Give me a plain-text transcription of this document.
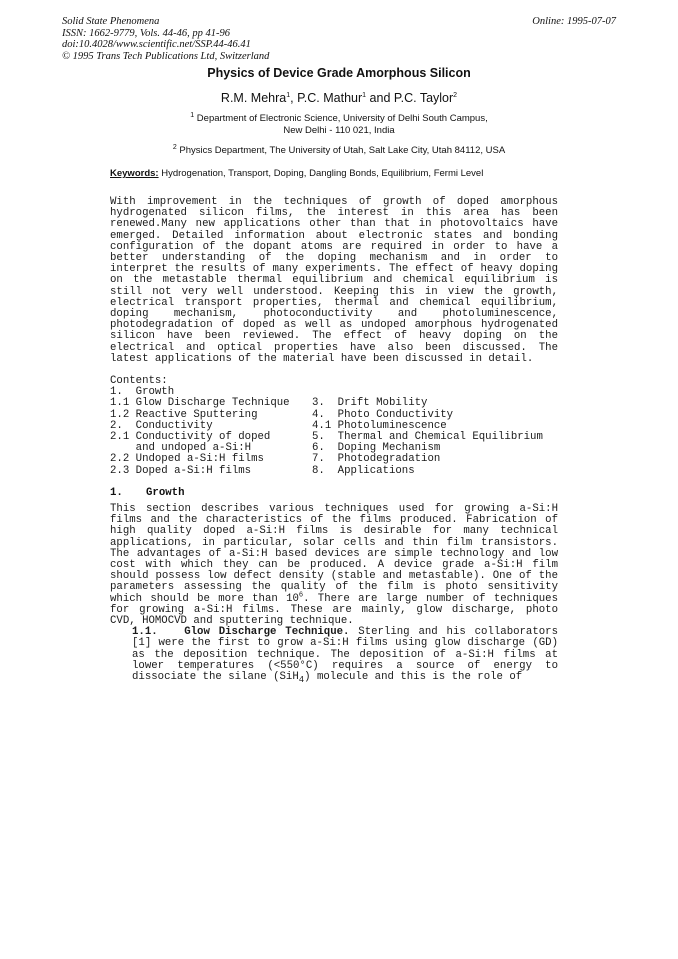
Solid State Phenomena
ISSN: 1662-9779, Vols. 44-46, pp 41-96
doi:10.4028/www.scientific.net/SSP.44-46.41
© 1995 Trans Tech Publications Ltd, Switzerland
Online: 1995-07-07
Physics of Device Grade Amorphous Silicon
R.M. Mehra$^1$, P.C. Mathur$^1$ and P.C. Taylor$^2$
$^1$ Department of Electronic Science, University of Delhi South Campus,
New Delhi - 110 021, India
$^2$ Physics Department, The University of Utah, Salt Lake City, Utah 84112, USA
Keywords: Hydrogenation, Transport, Doping, Dangling Bonds, Equilibrium, Fermi Level
With improvement in the techniques of growth of doped amorphous hydrogenated silicon films, the interest in this area has been renewed.Many new applications other than that in photovoltaics have emerged. Detailed information about electronic states and bonding configuration of the dopant atoms are required in order to have a better understanding of the doping mechanism and in order to interpret the results of many experiments. The effect of heavy doping on the metastable thermal equilibrium and chemical equilibrium is still not very well understood. Keeping this in view the growth, electrical transport properties, thermal and chemical equilibrium, doping mechanism, photoconductivity and photoluminescence, photodegradation of doped as well as undoped amorphous hydrogenated silicon have been reviewed. The effect of heavy doping on the electrical and optical properties have also been discussed. The latest applications of the material have been discussed in detail.
Contents:
1.  Growth
1.1 Glow Discharge Technique
1.2 Reactive Sputtering
2.  Conductivity
2.1 Conductivity of doped
and undoped a-Si:H
2.2 Undoped a-Si:H films
2.3 Doped a-Si:H films
3.  Drift Mobility
4.  Photo Conductivity
4.1 Photoluminescence
5.  Thermal and Chemical Equilibrium
6.  Doping Mechanism
7.  Photodegradation
8.  Applications
1. Growth
This section describes various techniques used for growing a-Si:H films and the characteristics of the films produced. Fabrication of high quality doped a-Si:H films is desirable for many technical applications, in particular, solar cells and thin film transistors. The advantages of a-Si:H based devices are simple technology and low cost with which they can be produced. A device grade a-Si:H film should possess low defect density (stable and metastable). One of the parameters assessing the quality of the film is photo sensitivity which should be more than $10^6$. There are large number of techniques for growing a-Si:H films. These are mainly, glow discharge, photo CVD, HOMOCVD and sputtering technique.
1.1. Glow Discharge Technique. Sterling and his collaborators [1] were the first to grow a-Si:H films using glow discharge (GD) as the deposition technique. The deposition of a-Si:H films at lower temperatures (<550°C) requires a source of energy to dissociate the silane (SiH$_4$) molecule and this is the role of
